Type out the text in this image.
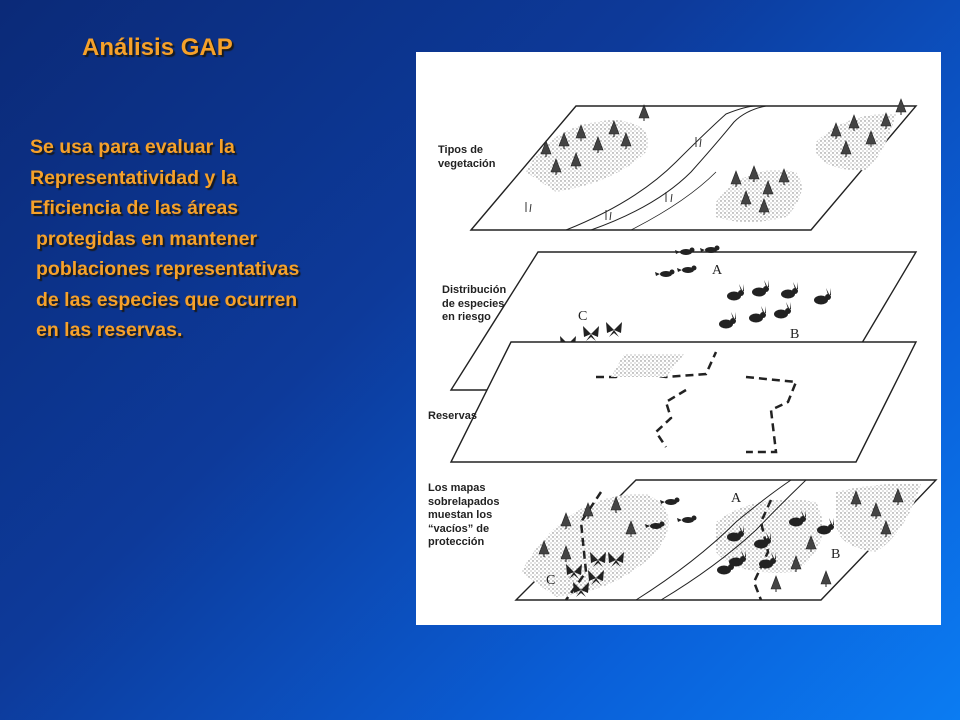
Análisis GAP
Se usa para evaluar la
Representatividad y la
Eficiencia de las áreas
protegidas en mantener
poblaciones representativas
de las especies que ocurren
en las reservas.
Tipos de
vegetación
Distribución
de especies
en riesgo
Reservas
Los mapas
sobrelapados
muestan los
“vacíos” de
protección
A
B
C
A
B
C
